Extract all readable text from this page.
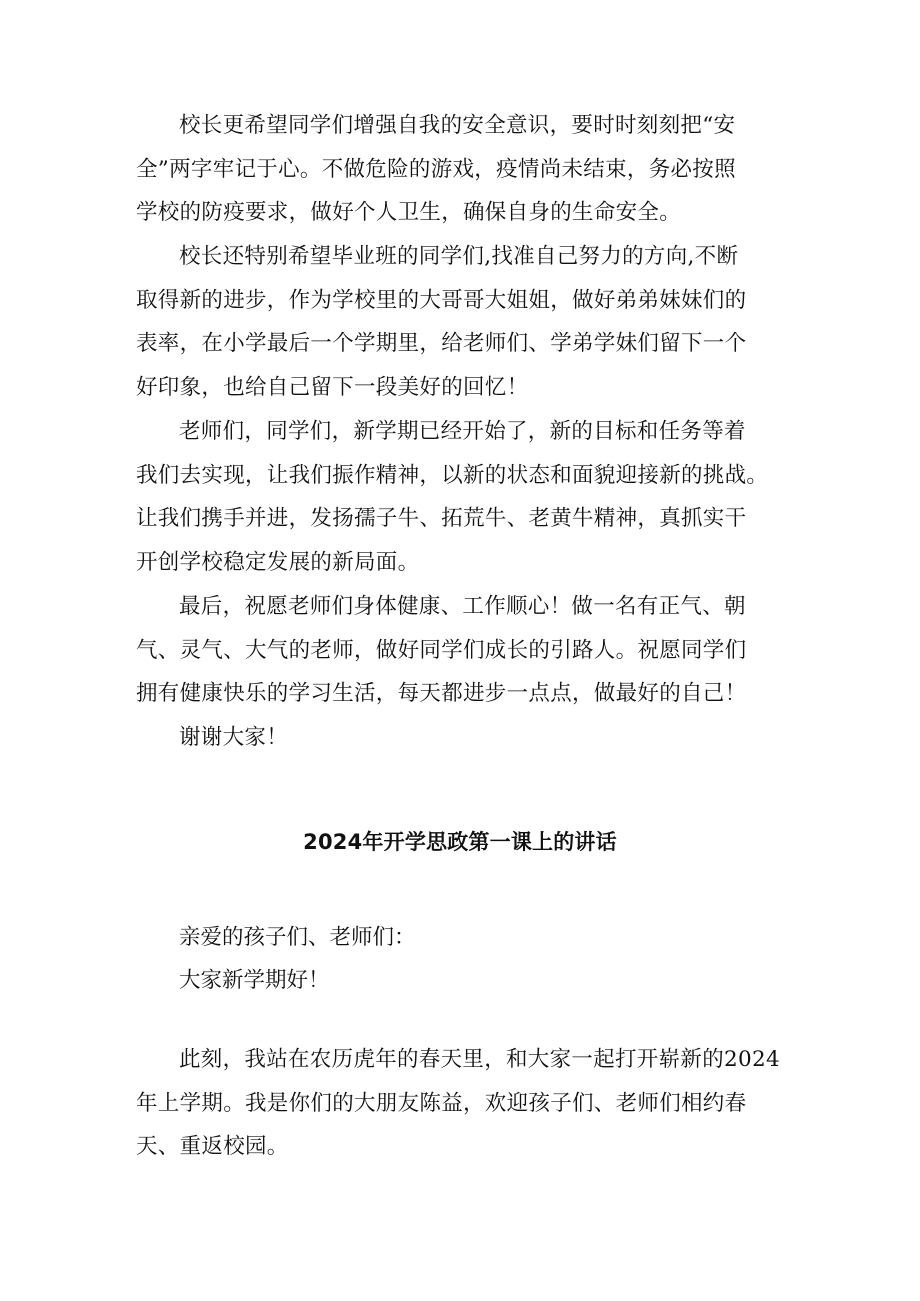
校长更希望同学们增强自我的安全意识，要时时刻刻把“安
全”两字牢记于心。不做危险的游戏，疫情尚未结束，务必按照
学校的防疫要求，做好个人卫生，确保自身的生命安全。
校长还特别希望毕业班的同学们,找准自己努力的方向,不断
取得新的进步，作为学校里的大哥哥大姐姐，做好弟弟妹妹们的
表率，在小学最后一个学期里，给老师们、学弟学妹们留下一个
好印象，也给自己留下一段美好的回忆！
老师们，同学们，新学期已经开始了，新的目标和任务等着
我们去实现，让我们振作精神，以新的状态和面貌迎接新的挑战。
让我们携手并进，发扬孺子牛、拓荒牛、老黄牛精神，真抓实干
开创学校稳定发展的新局面。
最后，祝愿老师们身体健康、工作顺心！做一名有正气、朝
气、灵气、大气的老师，做好同学们成长的引路人。祝愿同学们
拥有健康快乐的学习生活，每天都进步一点点，做最好的自己！
谢谢大家！
2024年开学思政第一课上的讲话

亲爱的孩子们、老师们：

大家新学期好！

此刻，我站在农历虎年的春天里，和大家一起打开崭新的2024
年上学期。我是你们的大朋友陈益，欢迎孩子们、老师们相约春
天、重返校园。
